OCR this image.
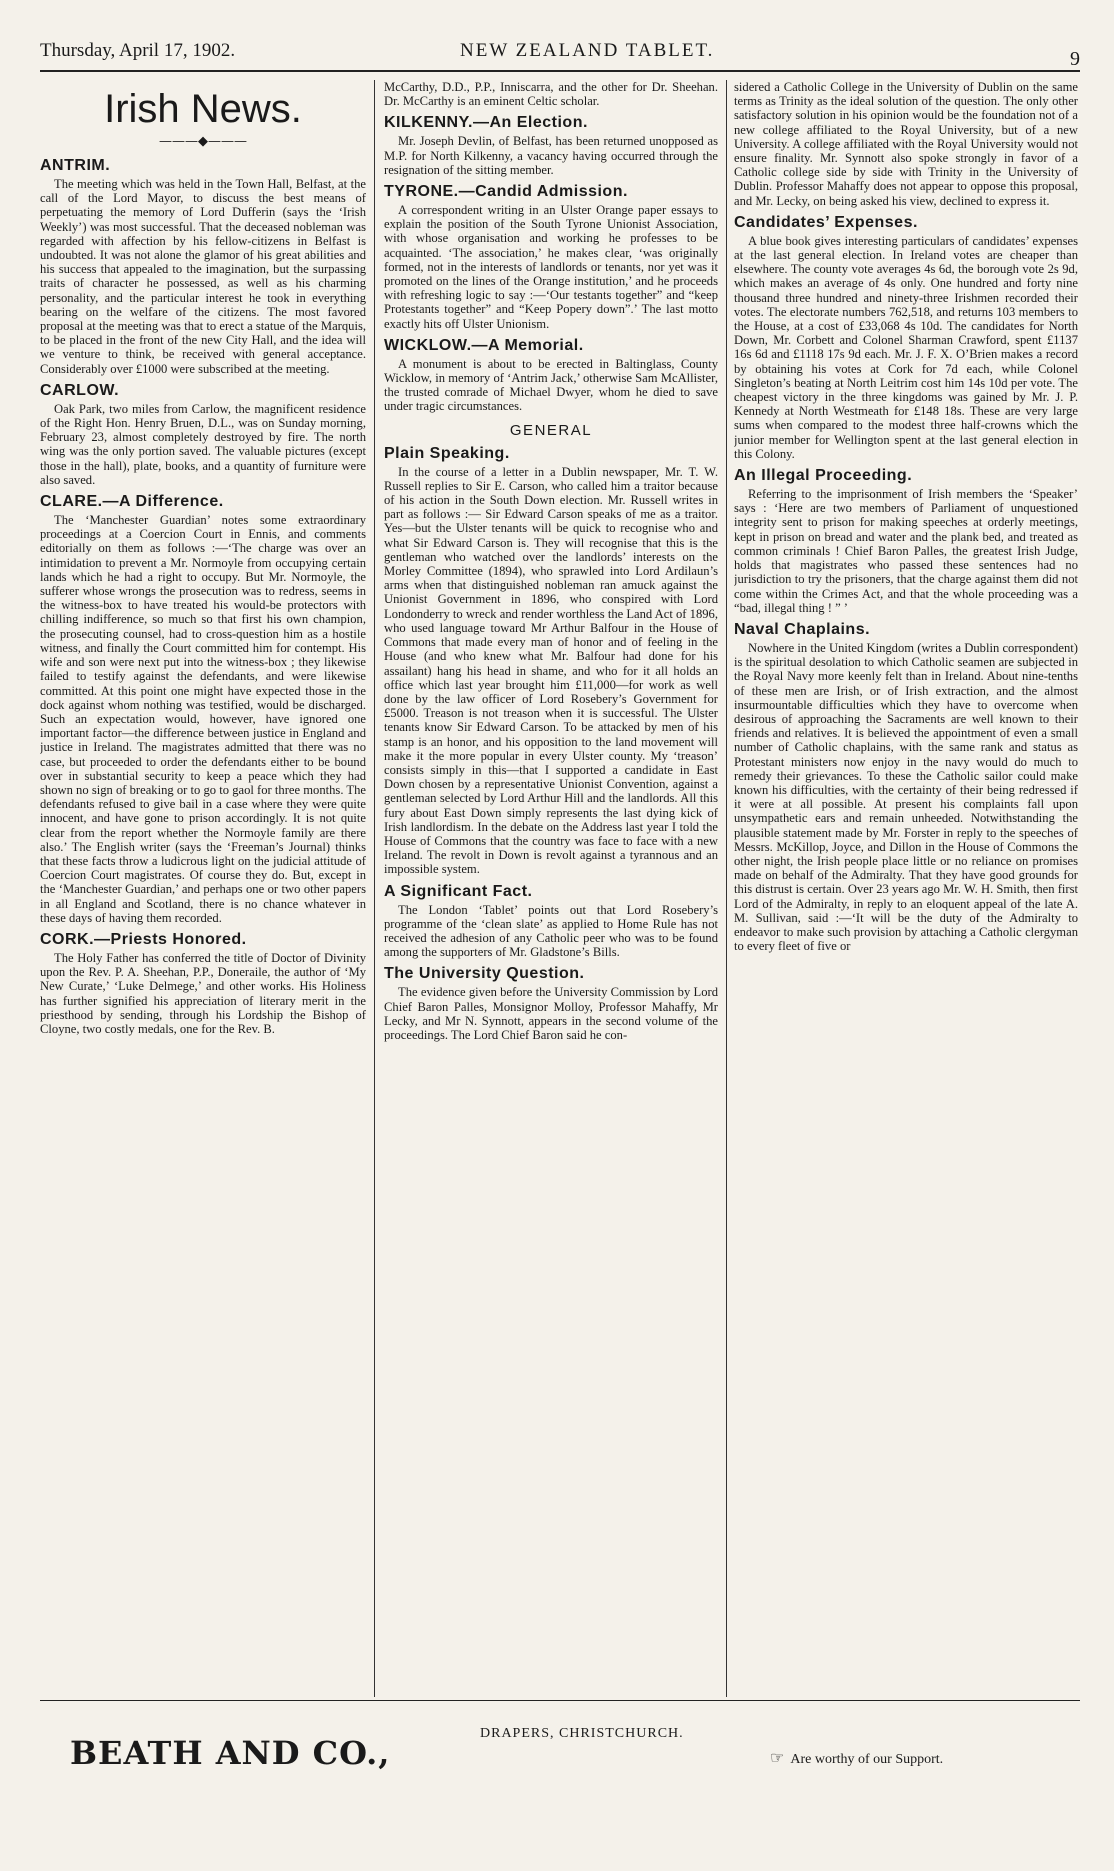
Thursday, April 17, 1902.	NEW ZEALAND TABLET.	9
Irish News.
———◆———
ANTRIM.

The meeting which was held in the Town Hall, Belfast, at the call of the Lord Mayor, to discuss the best means of perpetuating the memory of Lord Dufferin (says the ‘Irish Weekly’) was most successful. That the deceased nobleman was regarded with affection by his fellow-citizens in Belfast is undoubted. It was not alone the glamor of his great abilities and his success that appealed to the imagination, but the surpassing traits of character he possessed, as well as his charming personality, and the particular interest he took in everything bearing on the welfare of the citizens. The most favored proposal at the meeting was that to erect a statue of the Marquis, to be placed in the front of the new City Hall, and the idea will we venture to think, be received with general acceptance. Considerably over £1000 were subscribed at the meeting.

CARLOW.

Oak Park, two miles from Carlow, the magnificent residence of the Right Hon. Henry Bruen, D.L., was on Sunday morning, February 23, almost completely destroyed by fire. The north wing was the only portion saved. The valuable pictures (except those in the hall), plate, books, and a quantity of furniture were also saved.

CLARE.—A Difference.

The ‘Manchester Guardian’ notes some extraordinary proceedings at a Coercion Court in Ennis, and comments editorially on them as follows :—‘The charge was over an intimidation to prevent a Mr. Normoyle from occupying certain lands which he had a right to occupy. But Mr. Normoyle, the sufferer whose wrongs the prosecution was to redress, seems in the witness-box to have treated his would-be protectors with chilling indifference, so much so that first his own champion, the prosecuting counsel, had to cross-question him as a hostile witness, and finally the Court committed him for contempt. His wife and son were next put into the witness-box ; they likewise failed to testify against the defendants, and were likewise committed. At this point one might have expected those in the dock against whom nothing was testified, would be discharged. Such an expectation would, however, have ignored one important factor—the difference between justice in England and justice in Ireland. The magistrates admitted that there was no case, but proceeded to order the defendants either to be bound over in substantial security to keep a peace which they had shown no sign of breaking or to go to gaol for three months. The defendants refused to give bail in a case where they were quite innocent, and have gone to prison accordingly. It is not quite clear from the report whether the Normoyle family are there also.’ The English writer (says the ‘Freeman’s Journal) thinks that these facts throw a ludicrous light on the judicial attitude of Coercion Court magistrates. Of course they do. But, except in the ‘Manchester Guardian,’ and perhaps one or two other papers in all England and Scotland, there is no chance whatever in these days of having them recorded.

CORK.—Priests Honored.

The Holy Father has conferred the title of Doctor of Divinity upon the Rev. P. A. Sheehan, P.P., Doneraile, the author of ‘My New Curate,’ ‘Luke Delmege,’ and other works. His Holiness has further signified his appreciation of literary merit in the priesthood by sending, through his Lordship the Bishop of Cloyne, two costly medals, one for the Rev. B.

McCarthy, D.D., P.P., Inniscarra, and the other for Dr. Sheehan. Dr. McCarthy is an eminent Celtic scholar.

KILKENNY.—An Election.

Mr. Joseph Devlin, of Belfast, has been returned unopposed as M.P. for North Kilkenny, a vacancy having occurred through the resignation of the sitting member.

TYRONE.—Candid Admission.

A correspondent writing in an Ulster Orange paper essays to explain the position of the South Tyrone Unionist Association, with whose organisation and working he professes to be acquainted. ‘The association,’ he makes clear, ‘was originally formed, not in the interests of landlords or tenants, nor yet was it promoted on the lines of the Orange institution,’ and he proceeds with refreshing logic to say :—‘Our testants together” and “keep Protestants together” and “Keep Popery down”.’ The last motto exactly hits off Ulster Unionism.

WICKLOW.—A Memorial.

A monument is about to be erected in Baltinglass, County Wicklow, in memory of ‘Antrim Jack,’ otherwise Sam McAllister, the trusted comrade of Michael Dwyer, whom he died to save under tragic circumstances.

GENERAL
Plain Speaking.

In the course of a letter in a Dublin newspaper, Mr. T. W. Russell replies to Sir E. Carson, who called him a traitor because of his action in the South Down election. Mr. Russell writes in part as follows :— Sir Edward Carson speaks of me as a traitor. Yes—but the Ulster tenants will be quick to recognise who and what Sir Edward Carson is. They will recognise that this is the gentleman who watched over the landlords’ interests on the Morley Committee (1894), who sprawled into Lord Ardilaun’s arms when that distinguished nobleman ran amuck against the Unionist Government in 1896, who conspired with Lord Londonderry to wreck and render worthless the Land Act of 1896, who used language toward Mr Arthur Balfour in the House of Commons that made every man of honor and of feeling in the House (and who knew what Mr. Balfour had done for his assailant) hang his head in shame, and who for it all holds an office which last year brought him £11,000—for work as well done by the law officer of Lord Rosebery’s Government for £5000. Treason is not treason when it is successful. The Ulster tenants know Sir Edward Carson. To be attacked by men of his stamp is an honor, and his opposition to the land movement will make it the more popular in every Ulster county. My ‘treason’ consists simply in this—that I supported a candidate in East Down chosen by a representative Unionist Convention, against a gentleman selected by Lord Arthur Hill and the landlords. All this fury about East Down simply represents the last dying kick of Irish landlordism. In the debate on the Address last year I told the House of Commons that the country was face to face with a new Ireland. The revolt in Down is revolt against a tyrannous and an impossible system.

A Significant Fact.

The London ‘Tablet’ points out that Lord Rosebery’s programme of the ‘clean slate’ as applied to Home Rule has not received the adhesion of any Catholic peer who was to be found among the supporters of Mr. Gladstone’s Bills.

The University Question.

The evidence given before the University Commission by Lord Chief Baron Palles, Monsignor Molloy, Professor Mahaffy, Mr Lecky, and Mr N. Synnott, appears in the second volume of the proceedings. The Lord Chief Baron said he con-

sidered a Catholic College in the University of Dublin on the same terms as Trinity as the ideal solution of the question. The only other satisfactory solution in his opinion would be the foundation not of a new college affiliated to the Royal University, but of a new University. A college affiliated with the Royal University would not ensure finality. Mr. Synnott also spoke strongly in favor of a Catholic college side by side with Trinity in the University of Dublin. Professor Mahaffy does not appear to oppose this proposal, and Mr. Lecky, on being asked his view, declined to express it.

Candidates’ Expenses.

A blue book gives interesting particulars of candidates’ expenses at the last general election. In Ireland votes are cheaper than elsewhere. The county vote averages 4s 6d, the borough vote 2s 9d, which makes an average of 4s only. One hundred and forty nine thousand three hundred and ninety-three Irishmen recorded their votes. The electorate numbers 762,518, and returns 103 members to the House, at a cost of £33,068 4s 10d. The candidates for North Down, Mr. Corbett and Colonel Sharman Crawford, spent £1137 16s 6d and £1118 17s 9d each. Mr. J. F. X. O’Brien makes a record by obtaining his votes at Cork for 7d each, while Colonel Singleton’s beating at North Leitrim cost him 14s 10d per vote. The cheapest victory in the three kingdoms was gained by Mr. J. P. Kennedy at North Westmeath for £148 18s. These are very large sums when compared to the modest three half-crowns which the junior member for Wellington spent at the last general election in this Colony.

An Illegal Proceeding.

Referring to the imprisonment of Irish members the ‘Speaker’ says : ‘Here are two members of Parliament of unquestioned integrity sent to prison for making speeches at orderly meetings, kept in prison on bread and water and the plank bed, and treated as common criminals ! Chief Baron Palles, the greatest Irish Judge, holds that magistrates who passed these sentences had no jurisdiction to try the prisoners, that the charge against them did not come within the Crimes Act, and that the whole proceeding was a “bad, illegal thing ! ” ’

Naval Chaplains.

Nowhere in the United Kingdom (writes a Dublin correspondent) is the spiritual desolation to which Catholic seamen are subjected in the Royal Navy more keenly felt than in Ireland. About nine-tenths of these men are Irish, or of Irish extraction, and the almost insurmountable difficulties which they have to overcome when desirous of approaching the Sacraments are well known to their friends and relatives. It is believed the appointment of even a small number of Catholic chaplains, with the same rank and status as Protestant ministers now enjoy in the navy would do much to remedy their grievances. To these the Catholic sailor could make known his difficulties, with the certainty of their being redressed if it were at all possible. At present his complaints fall upon unsympathetic ears and remain unheeded. Notwithstanding the plausible statement made by Mr. Forster in reply to the speeches of Messrs. McKillop, Joyce, and Dillon in the House of Commons the other night, the Irish people place little or no reliance on promises made on behalf of the Admiralty. That they have good grounds for this distrust is certain. Over 23 years ago Mr. W. H. Smith, then first Lord of the Admiralty, in reply to an eloquent appeal of the late A. M. Sullivan, said :—‘It will be the duty of the Admiralty to endeavor to make such provision by attaching a Catholic clergyman to every fleet of five or

BEATH AND CO.,
DRAPERS, CHRISTCHURCH.
☞ Are worthy of our Support.
